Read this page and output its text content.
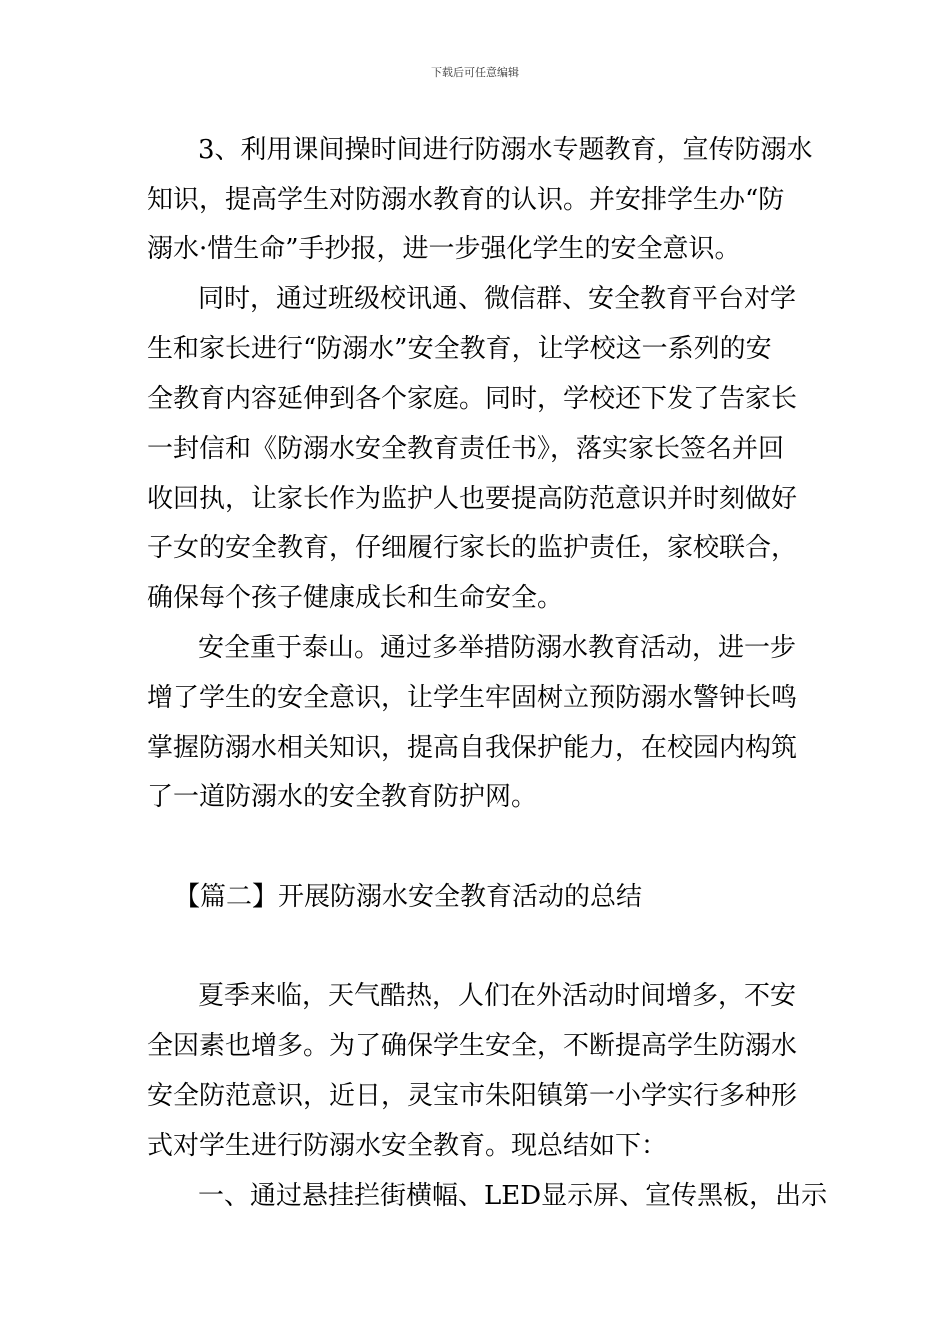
下载后可任意编辑
3、利用课间操时间进行防溺水专题教育，宣传防溺水
知识，提高学生对防溺水教育的认识。并安排学生办“防
溺水·惜生命”手抄报，进一步强化学生的安全意识。
同时，通过班级校讯通、微信群、安全教育平台对学
生和家长进行“防溺水”安全教育，让学校这一系列的安
全教育内容延伸到各个家庭。同时，学校还下发了告家长
一封信和《防溺水安全教育责任书》，落实家长签名并回
收回执，让家长作为监护人也要提高防范意识并时刻做好
子女的安全教育，仔细履行家长的监护责任，家校联合，
确保每个孩子健康成长和生命安全。
安全重于泰山。通过多举措防溺水教育活动，进一步
增了学生的安全意识，让学生牢固树立预防溺水警钟长鸣
掌握防溺水相关知识，提高自我保护能力，在校园内构筑
了一道防溺水的安全教育防护网。
【篇二】开展防溺水安全教育活动的总结
夏季来临，天气酷热，人们在外活动时间增多，不安
全因素也增多。为了确保学生安全，不断提高学生防溺水
安全防范意识，近日，灵宝市朱阳镇第一小学实行多种形
式对学生进行防溺水安全教育。现总结如下：
一、通过悬挂拦街横幅、LED显示屏、宣传黑板，出示
